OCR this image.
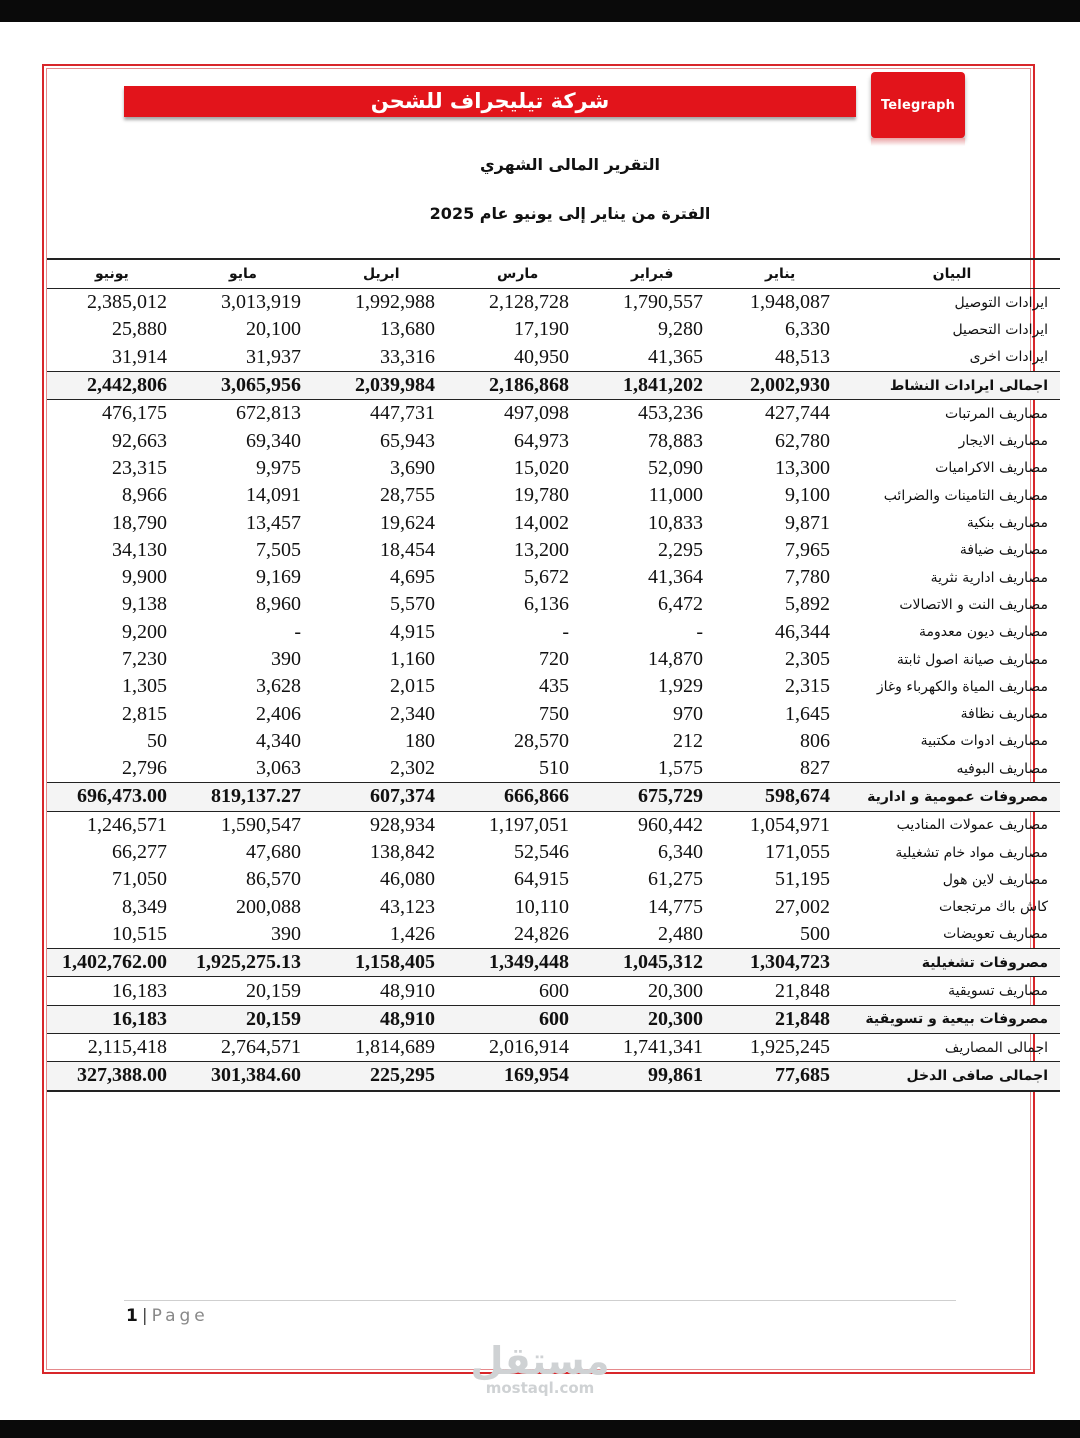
شركة تيليجراف للشحن	Telegraph
التقرير المالى الشهري
الفترة من يناير إلى يونيو عام 2025
البيان	يناير	فبراير	مارس	ابريل	مايو	يونيو
ايرادات التوصيل	1,948,087	1,790,557	2,128,728	1,992,988	3,013,919	2,385,012
ايرادات التحصيل	6,330	9,280	17,190	13,680	20,100	25,880
ايرادات اخرى	48,513	41,365	40,950	33,316	31,937	31,914
اجمالى ايرادات النشاط	2,002,930	1,841,202	2,186,868	2,039,984	3,065,956	2,442,806
مصاريف المرتبات	427,744	453,236	497,098	447,731	672,813	476,175
مصاريف الايجار	62,780	78,883	64,973	65,943	69,340	92,663
مصاريف الاكراميات	13,300	52,090	15,020	3,690	9,975	23,315
مصاريف التامينات والضرائب	9,100	11,000	19,780	28,755	14,091	8,966
مصاريف بنكية	9,871	10,833	14,002	19,624	13,457	18,790
مصاريف ضيافة	7,965	2,295	13,200	18,454	7,505	34,130
مصاريف ادارية نثرية	7,780	41,364	5,672	4,695	9,169	9,900
مصاريف النت و الاتصالات	5,892	6,472	6,136	5,570	8,960	9,138
مصاريف ديون معدومة	46,344	-	-	4,915	-	9,200
مصاريف صيانة اصول ثابتة	2,305	14,870	720	1,160	390	7,230
مصاريف المياة والكهرباء وغاز	2,315	1,929	435	2,015	3,628	1,305
مصاريف نظافة	1,645	970	750	2,340	2,406	2,815
مصاريف ادوات مكتبية	806	212	28,570	180	4,340	50
مصاريف البوفيه	827	1,575	510	2,302	3,063	2,796
مصروفات عمومية و ادارية	598,674	675,729	666,866	607,374	819,137.27	696,473.00
مصاريف عمولات المناديب	1,054,971	960,442	1,197,051	928,934	1,590,547	1,246,571
مصاريف مواد خام تشغيلية	171,055	6,340	52,546	138,842	47,680	66,277
مصاريف لاين هول	51,195	61,275	64,915	46,080	86,570	71,050
كاش باك مرتجعات	27,002	14,775	10,110	43,123	200,088	8,349
مصاريف تعويضات	500	2,480	24,826	1,426	390	10,515
مصروفات تشغيلية	1,304,723	1,045,312	1,349,448	1,158,405	1,925,275.13	1,402,762.00
مصاريف تسويقية	21,848	20,300	600	48,910	20,159	16,183
مصروفات بيعية و تسويقية	21,848	20,300	600	48,910	20,159	16,183
اجمالى المصاريف	1,925,245	1,741,341	2,016,914	1,814,689	2,764,571	2,115,418
اجمالى صافى الدخل	77,685	99,861	169,954	225,295	301,384.60	327,388.00
1 | Page
مستقل
mostaql.com
